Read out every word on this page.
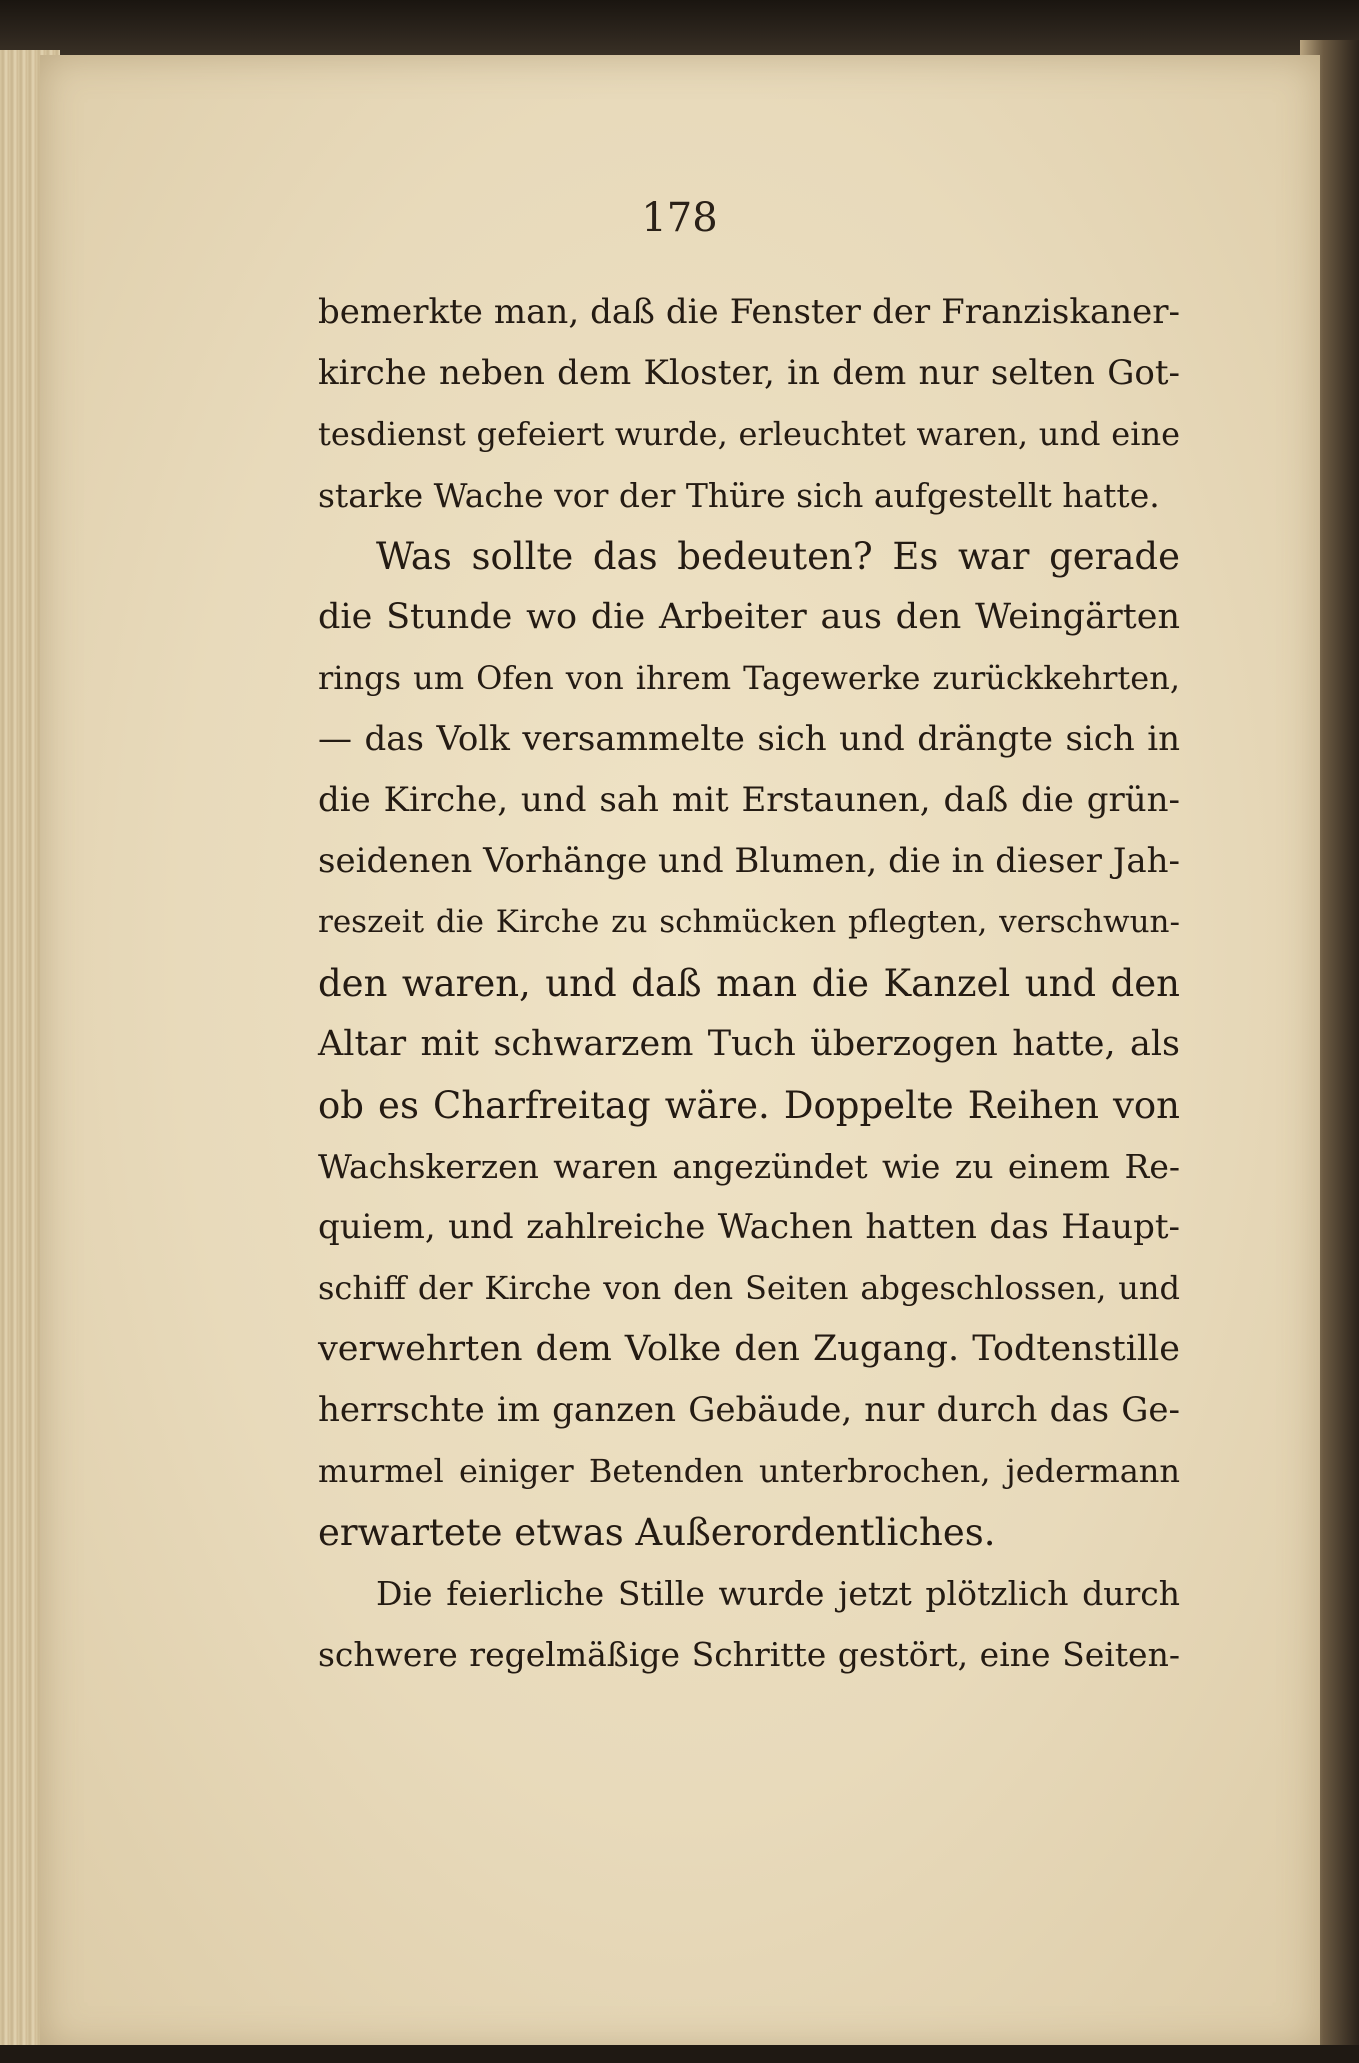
178
bemerkte man, daß die Fenster der Franziskaner-
kirche neben dem Kloster, in dem nur selten Got-
tesdienst gefeiert wurde, erleuchtet waren, und eine
starke Wache vor der Thüre sich aufgestellt hatte.
Was sollte das bedeuten? Es war gerade
die Stunde wo die Arbeiter aus den Weingärten
rings um Ofen von ihrem Tagewerke zurückkehrten,
— das Volk versammelte sich und drängte sich in
die Kirche, und sah mit Erstaunen, daß die grün-
seidenen Vorhänge und Blumen, die in dieser Jah-
reszeit die Kirche zu schmücken pflegten, verschwun-
den waren, und daß man die Kanzel und den
Altar mit schwarzem Tuch überzogen hatte, als
ob es Charfreitag wäre. Doppelte Reihen von
Wachskerzen waren angezündet wie zu einem Re-
quiem, und zahlreiche Wachen hatten das Haupt-
schiff der Kirche von den Seiten abgeschlossen, und
verwehrten dem Volke den Zugang. Todtenstille
herrschte im ganzen Gebäude, nur durch das Ge-
murmel einiger Betenden unterbrochen, jedermann
erwartete etwas Außerordentliches.
Die feierliche Stille wurde jetzt plötzlich durch
schwere regelmäßige Schritte gestört, eine Seiten-
